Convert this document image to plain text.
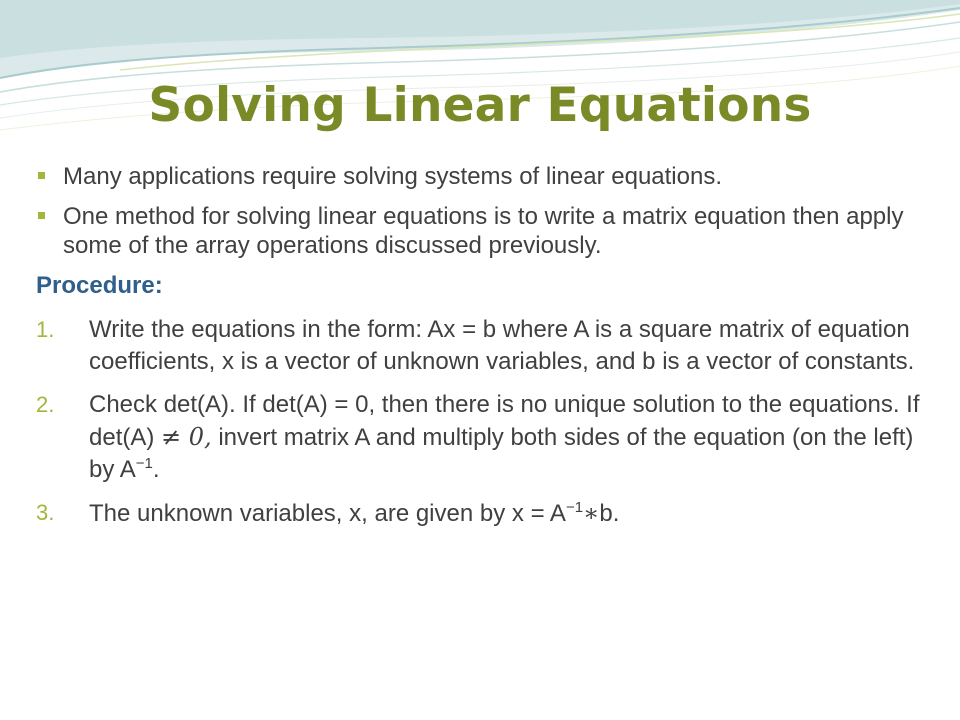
Solving Linear Equations
Many applications require solving systems of linear equations.
One method for solving linear equations is to write a matrix equation then apply some of the array operations discussed previously.
Procedure:
1. Write the equations in the form: Ax = b where A is a square matrix of equation coefficients, x is a vector of unknown variables, and b is a vector of constants.
2. Check det(A). If det(A) = 0, then there is no unique solution to the equations. If det(A) ≠ 0, invert matrix A and multiply both sides of the equation (on the left) by $A^{-1}$.
3. The unknown variables, x, are given by $x = A^{-1}∗b$.
